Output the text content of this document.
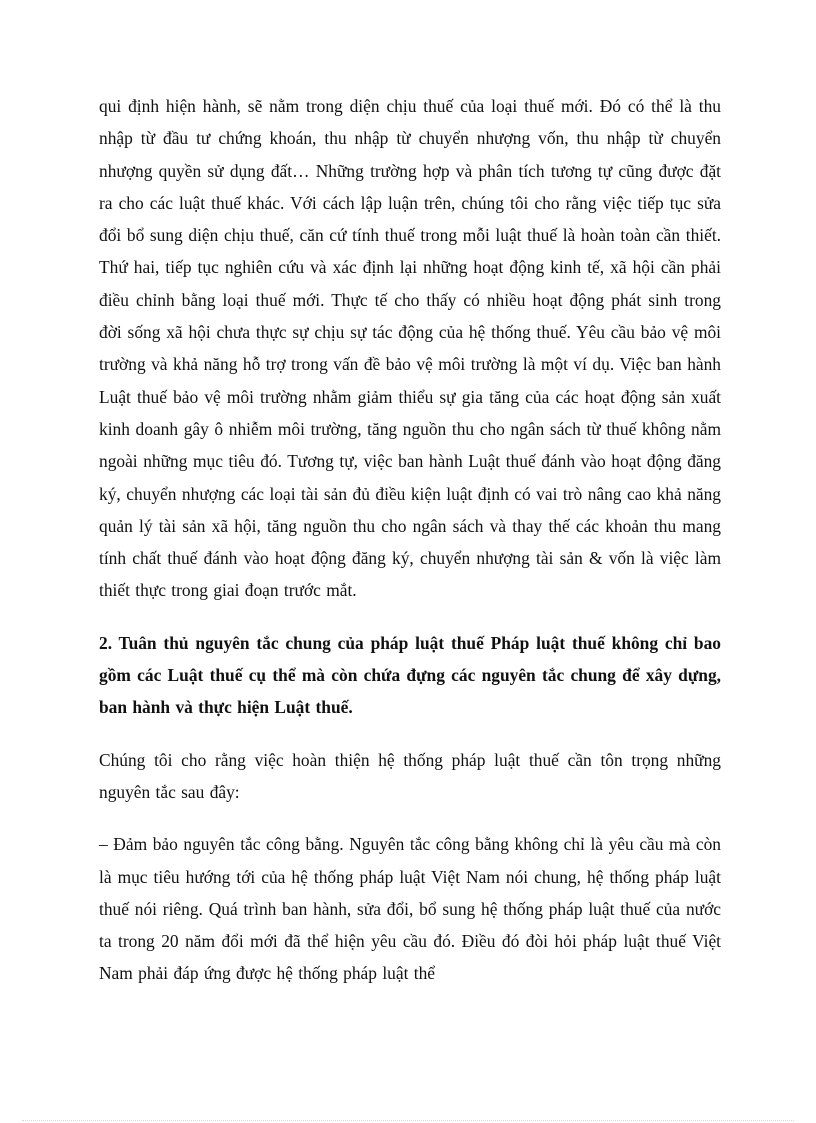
qui định hiện hành, sẽ nằm trong diện chịu thuế của loại thuế mới. Đó có thể là thu nhập từ đầu tư chứng khoán, thu nhập từ chuyển nhượng vốn, thu nhập từ chuyển nhượng quyền sử dụng đất… Những trường hợp và phân tích tương tự cũng được đặt ra cho các luật thuế khác. Với cách lập luận trên, chúng tôi cho rằng việc tiếp tục sửa đổi bổ sung diện chịu thuế, căn cứ tính thuế trong mỗi luật thuế là hoàn toàn cần thiết. Thứ hai, tiếp tục nghiên cứu và xác định lại những hoạt động kinh tế, xã hội cần phải điều chỉnh bằng loại thuế mới. Thực tế cho thấy có nhiều hoạt động phát sinh trong đời sống xã hội chưa thực sự chịu sự tác động của hệ thống thuế. Yêu cầu bảo vệ môi trường và khả năng hỗ trợ trong vấn đề bảo vệ môi trường là một ví dụ. Việc ban hành Luật thuế bảo vệ môi trường nhằm giảm thiểu sự gia tăng của các hoạt động sản xuất kinh doanh gây ô nhiễm môi trường, tăng nguồn thu cho ngân sách từ thuế không nằm ngoài những mục tiêu đó. Tương tự, việc ban hành Luật thuế đánh vào hoạt động đăng ký, chuyển nhượng các loại tài sản đủ điều kiện luật định có vai trò nâng cao khả năng quản lý tài sản xã hội, tăng nguồn thu cho ngân sách và thay thế các khoản thu mang tính chất thuế đánh vào hoạt động đăng ký, chuyển nhượng tài sản & vốn là việc làm thiết thực trong giai đoạn trước mắt.

2. Tuân thủ nguyên tắc chung của pháp luật thuế Pháp luật thuế không chỉ bao gồm các Luật thuế cụ thể mà còn chứa đựng các nguyên tắc chung để xây dựng, ban hành và thực hiện Luật thuế.

Chúng tôi cho rằng việc hoàn thiện hệ thống pháp luật thuế cần tôn trọng những nguyên tắc sau đây:

– Đảm bảo nguyên tắc công bằng. Nguyên tắc công bằng không chỉ là yêu cầu mà còn là mục tiêu hướng tới của hệ thống pháp luật Việt Nam nói chung, hệ thống pháp luật thuế nói riêng. Quá trình ban hành, sửa đổi, bổ sung hệ thống pháp luật thuế của nước ta trong 20 năm đổi mới đã thể hiện yêu cầu đó. Điều đó đòi hỏi pháp luật thuế Việt Nam phải đáp ứng được hệ thống pháp luật thể
